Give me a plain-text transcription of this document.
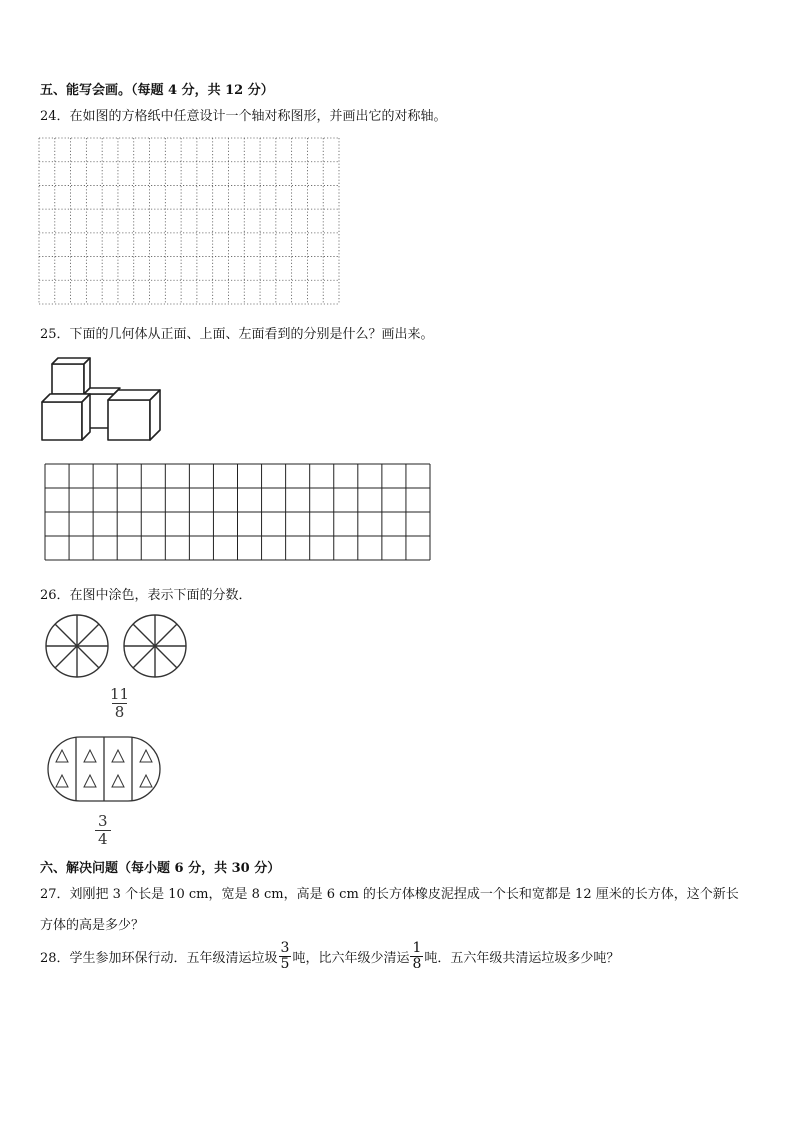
五、能写会画。（每题 4 分，共 12 分）
24．在如图的方格纸中任意设计一个轴对称图形，并画出它的对称轴。
25．下面的几何体从正面、上面、左面看到的分别是什么？画出来。
26．在图中涂色，表示下面的分数．
$\frac{11}{8}$
$\frac{3}{4}$
六、解决问题（每小题 6 分，共 30 分）
27．刘刚把 3 个长是 10 cm，宽是 8 cm，高是 6 cm 的长方体橡皮泥捏成一个长和宽都是 12 厘米的长方体，这个新长
方体的高是多少？
28．学生参加环保行动．五年级清运垃圾 $\frac{3}{5}$ 吨，比六年级少清运 $\frac{1}{8}$ 吨．五六年级共清运垃圾多少吨？
